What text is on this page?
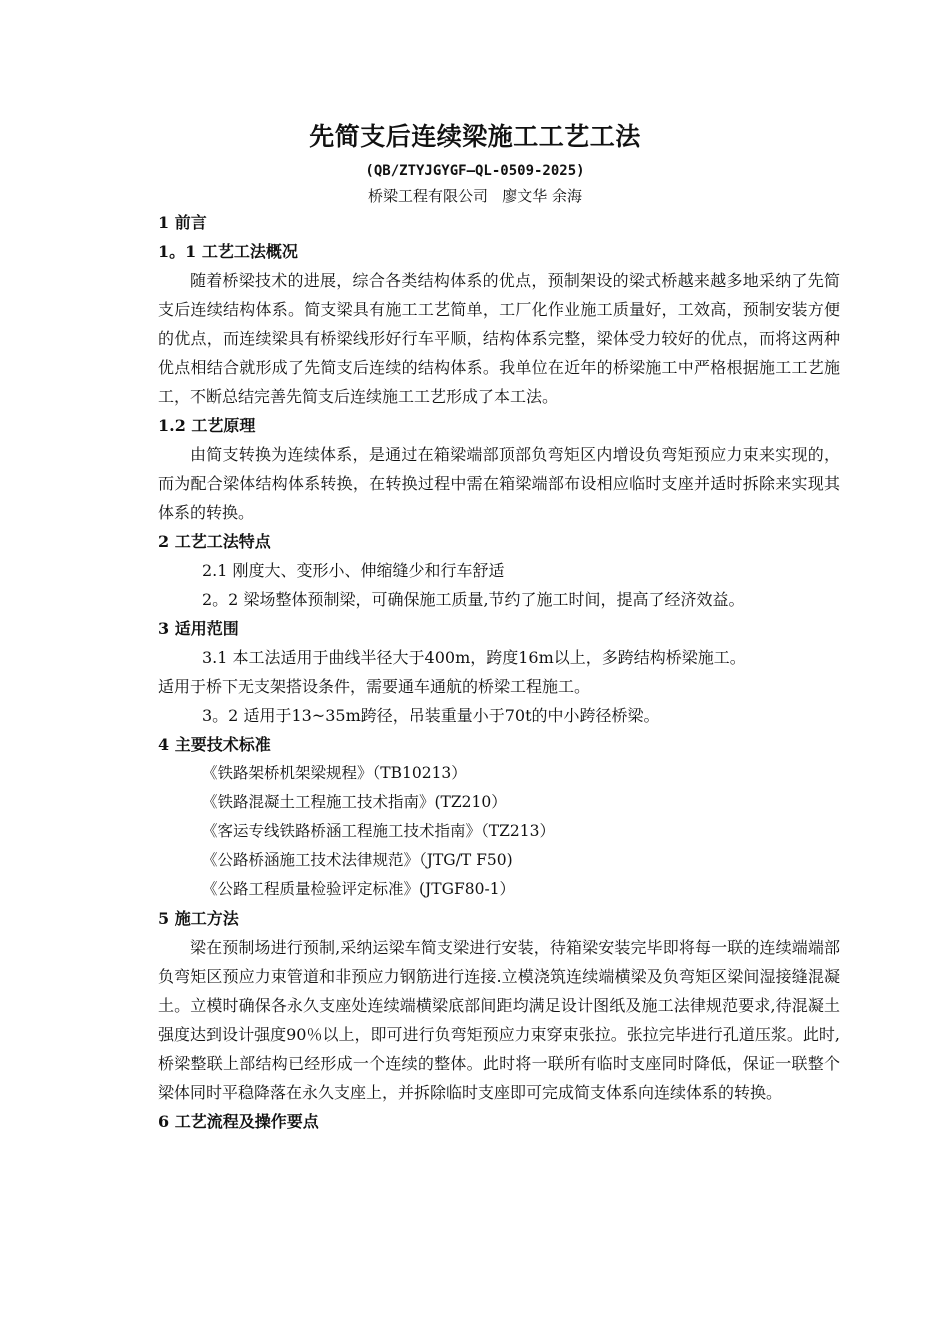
先简支后连续梁施工工艺工法
(QB/ZTYJGYGF—QL-0509-2025)
桥梁工程有限公司 廖文华 余海
1 前言
1。1 工艺工法概况
随着桥梁技术的进展，综合各类结构体系的优点，预制架设的梁式桥越来越多地采纳了先简支后连续结构体系。简支梁具有施工工艺简单，工厂化作业施工质量好，工效高，预制安装方便的优点，而连续梁具有桥梁线形好行车平顺，结构体系完整，梁体受力较好的优点，而将这两种优点相结合就形成了先简支后连续的结构体系。我单位在近年的桥梁施工中严格根据施工工艺施工，不断总结完善先简支后连续施工工艺形成了本工法。
1.2 工艺原理
由简支转换为连续体系，是通过在箱梁端部顶部负弯矩区内增设负弯矩预应力束来实现的，而为配合梁体结构体系转换，在转换过程中需在箱梁端部布设相应临时支座并适时拆除来实现其体系的转换。
2 工艺工法特点
2.1 刚度大、变形小、伸缩缝少和行车舒适
2。2 梁场整体预制梁，可确保施工质量,节约了施工时间，提高了经济效益。
3 适用范围
3.1 本工法适用于曲线半径大于400m，跨度16m以上，多跨结构桥梁施工。
适用于桥下无支架搭设条件，需要通车通航的桥梁工程施工。
3。2 适用于13~35m跨径，吊装重量小于70t的中小跨径桥梁。
4 主要技术标准
《铁路架桥机架梁规程》（TB10213）
《铁路混凝土工程施工技术指南》(TZ210）
《客运专线铁路桥涵工程施工技术指南》（TZ213）
《公路桥涵施工技术法律规范》（JTG/T F50)
《公路工程质量检验评定标准》(JTGF80-1）
5 施工方法
梁在预制场进行预制,采纳运梁车简支梁进行安装，待箱梁安装完毕即将每一联的连续端端部负弯矩区预应力束管道和非预应力钢筋进行连接.立模浇筑连续端横梁及负弯矩区梁间湿接缝混凝土。立模时确保各永久支座处连续端横梁底部间距均满足设计图纸及施工法律规范要求,待混凝土强度达到设计强度90％以上，即可进行负弯矩预应力束穿束张拉。张拉完毕进行孔道压浆。此时,桥梁整联上部结构已经形成一个连续的整体。此时将一联所有临时支座同时降低，保证一联整个梁体同时平稳降落在永久支座上，并拆除临时支座即可完成简支体系向连续体系的转换。
6 工艺流程及操作要点
